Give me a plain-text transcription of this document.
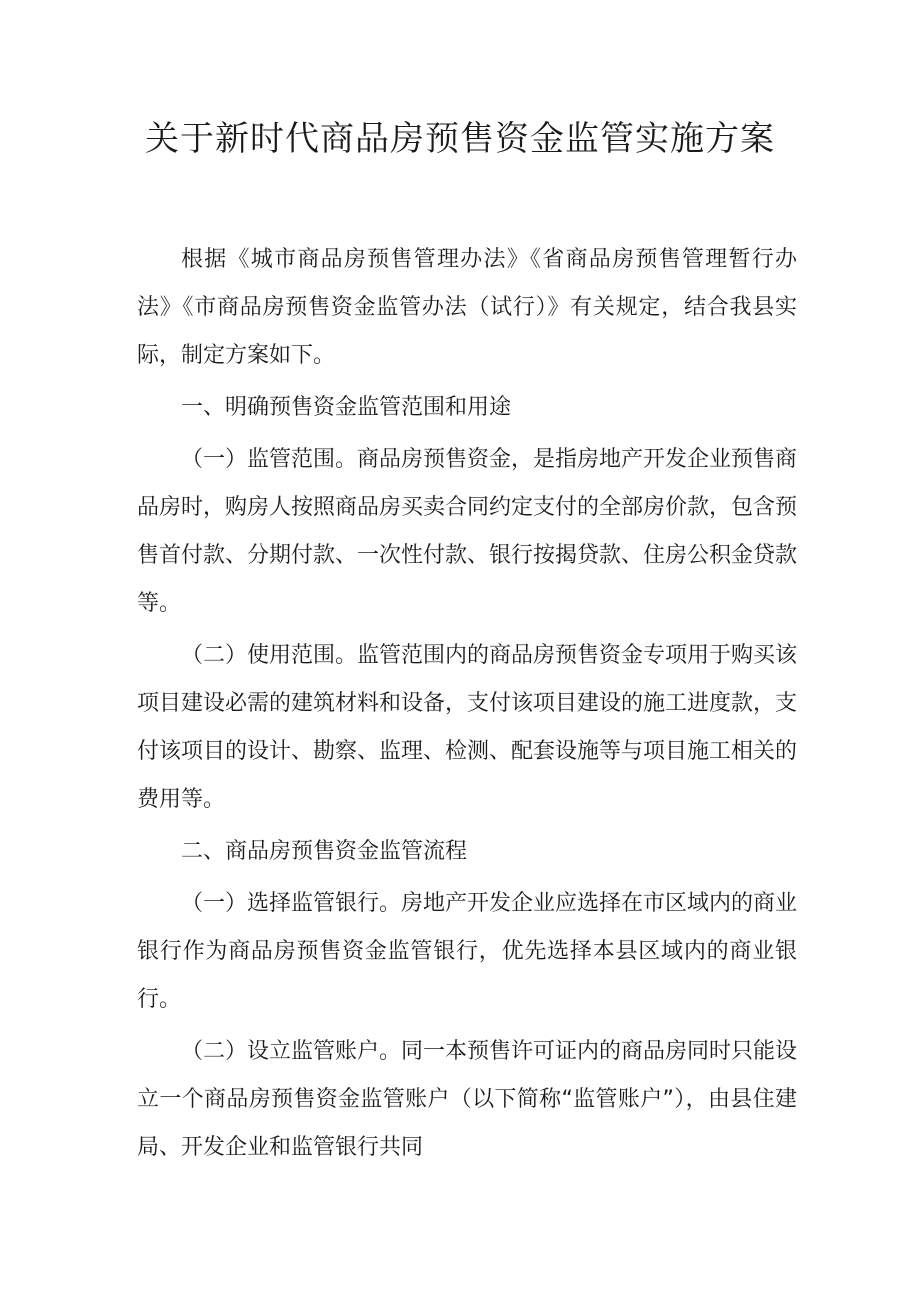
关于新时代商品房预售资金监管实施方案

根据《城市商品房预售管理办法》《省商品房预售管理暂行办法》《市商品房预售资金监管办法（试行）》有关规定，结合我县实际，制定方案如下。

一、明确预售资金监管范围和用途

（一）监管范围。商品房预售资金，是指房地产开发企业预售商品房时，购房人按照商品房买卖合同约定支付的全部房价款，包含预售首付款、分期付款、一次性付款、银行按揭贷款、住房公积金贷款等。

（二）使用范围。监管范围内的商品房预售资金专项用于购买该项目建设必需的建筑材料和设备，支付该项目建设的施工进度款，支付该项目的设计、勘察、监理、检测、配套设施等与项目施工相关的费用等。

二、商品房预售资金监管流程

（一）选择监管银行。房地产开发企业应选择在市区域内的商业银行作为商品房预售资金监管银行，优先选择本县区域内的商业银行。

（二）设立监管账户。同一本预售许可证内的商品房同时只能设立一个商品房预售资金监管账户（以下简称“监管账户”），由县住建局、开发企业和监管银行共同
